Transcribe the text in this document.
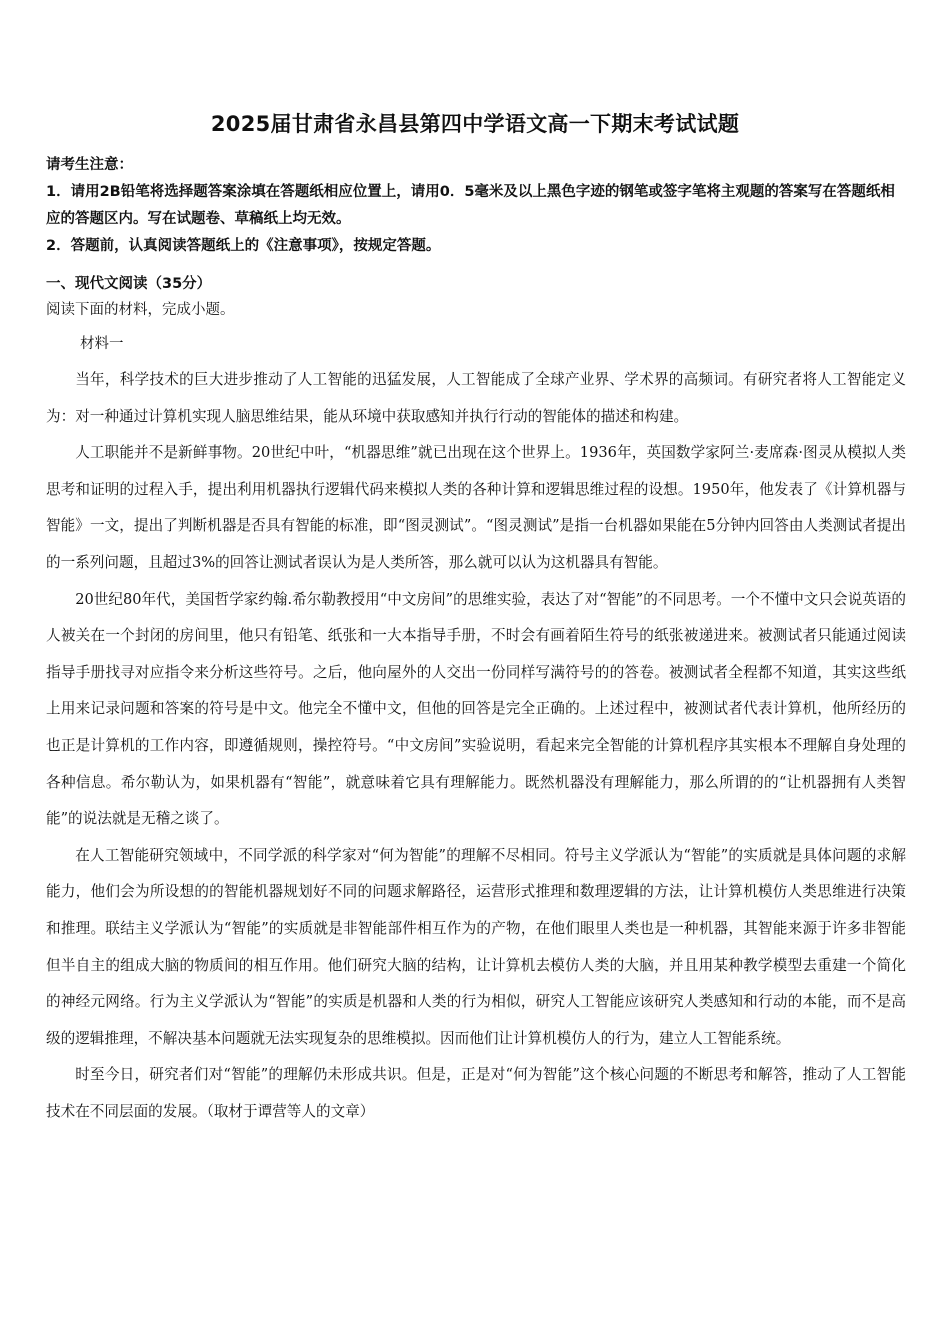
2025届甘肃省永昌县第四中学语文高一下期末考试试题

请考生注意：

1．请用2B铅笔将选择题答案涂填在答题纸相应位置上，请用0．5毫米及以上黑色字迹的钢笔或签字笔将主观题的答案写在答题纸相应的答题区内。写在试题卷、草稿纸上均无效。

2．答题前，认真阅读答题纸上的《注意事项》，按规定答题。

一、现代文阅读（35分）
阅读下面的材料，完成小题。
材料一

当年，科学技术的巨大进步推动了人工智能的迅猛发展，人工智能成了全球产业界、学术界的高频词。有研究者将人工智能定义为：对一种通过计算机实现人脑思维结果，能从环境中获取感知并执行行动的智能体的描述和构建。

人工职能并不是新鲜事物。20世纪中叶，“机器思维”就已出现在这个世界上。1936年，英国数学家阿兰·麦席森·图灵从模拟人类思考和证明的过程入手，提出利用机器执行逻辑代码来模拟人类的各种计算和逻辑思维过程的设想。1950年，他发表了《计算机器与智能》一文，提出了判断机器是否具有智能的标准，即“图灵测试”。“图灵测试”是指一台机器如果能在5分钟内回答由人类测试者提出的一系列问题，且超过3%的回答让测试者误认为是人类所答，那么就可以认为这机器具有智能。

20世纪80年代，美国哲学家约翰.希尔勒教授用“中文房间”的思维实验，表达了对“智能”的不同思考。一个不懂中文只会说英语的人被关在一个封闭的房间里，他只有铅笔、纸张和一大本指导手册，不时会有画着陌生符号的纸张被递进来。被测试者只能通过阅读指导手册找寻对应指令来分析这些符号。之后，他向屋外的人交出一份同样写满符号的的答卷。被测试者全程都不知道，其实这些纸上用来记录问题和答案的符号是中文。他完全不懂中文，但他的回答是完全正确的。上述过程中，被测试者代表计算机，他所经历的也正是计算机的工作内容，即遵循规则，操控符号。“中文房间”实验说明，看起来完全智能的计算机程序其实根本不理解自身处理的各种信息。希尔勒认为，如果机器有“智能”，就意味着它具有理解能力。既然机器没有理解能力，那么所谓的的“让机器拥有人类智能”的说法就是无稽之谈了。

在人工智能研究领域中，不同学派的科学家对“何为智能”的理解不尽相同。符号主义学派认为“智能”的实质就是具体问题的求解能力，他们会为所设想的的智能机器规划好不同的问题求解路径，运营形式推理和数理逻辑的方法，让计算机模仿人类思维进行决策和推理。联结主义学派认为“智能”的实质就是非智能部件相互作为的产物，在他们眼里人类也是一种机器，其智能来源于许多非智能但半自主的组成大脑的物质间的相互作用。他们研究大脑的结构，让计算机去模仿人类的大脑，并且用某种教学模型去重建一个简化的神经元网络。行为主义学派认为“智能”的实质是机器和人类的行为相似，研究人工智能应该研究人类感知和行动的本能，而不是高级的逻辑推理，不解决基本问题就无法实现复杂的思维模拟。因而他们让计算机模仿人的行为，建立人工智能系统。

时至今日，研究者们对“智能”的理解仍未形成共识。但是，正是对“何为智能”这个核心问题的不断思考和解答，推动了人工智能技术在不同层面的发展。（取材于谭营等人的文章）
